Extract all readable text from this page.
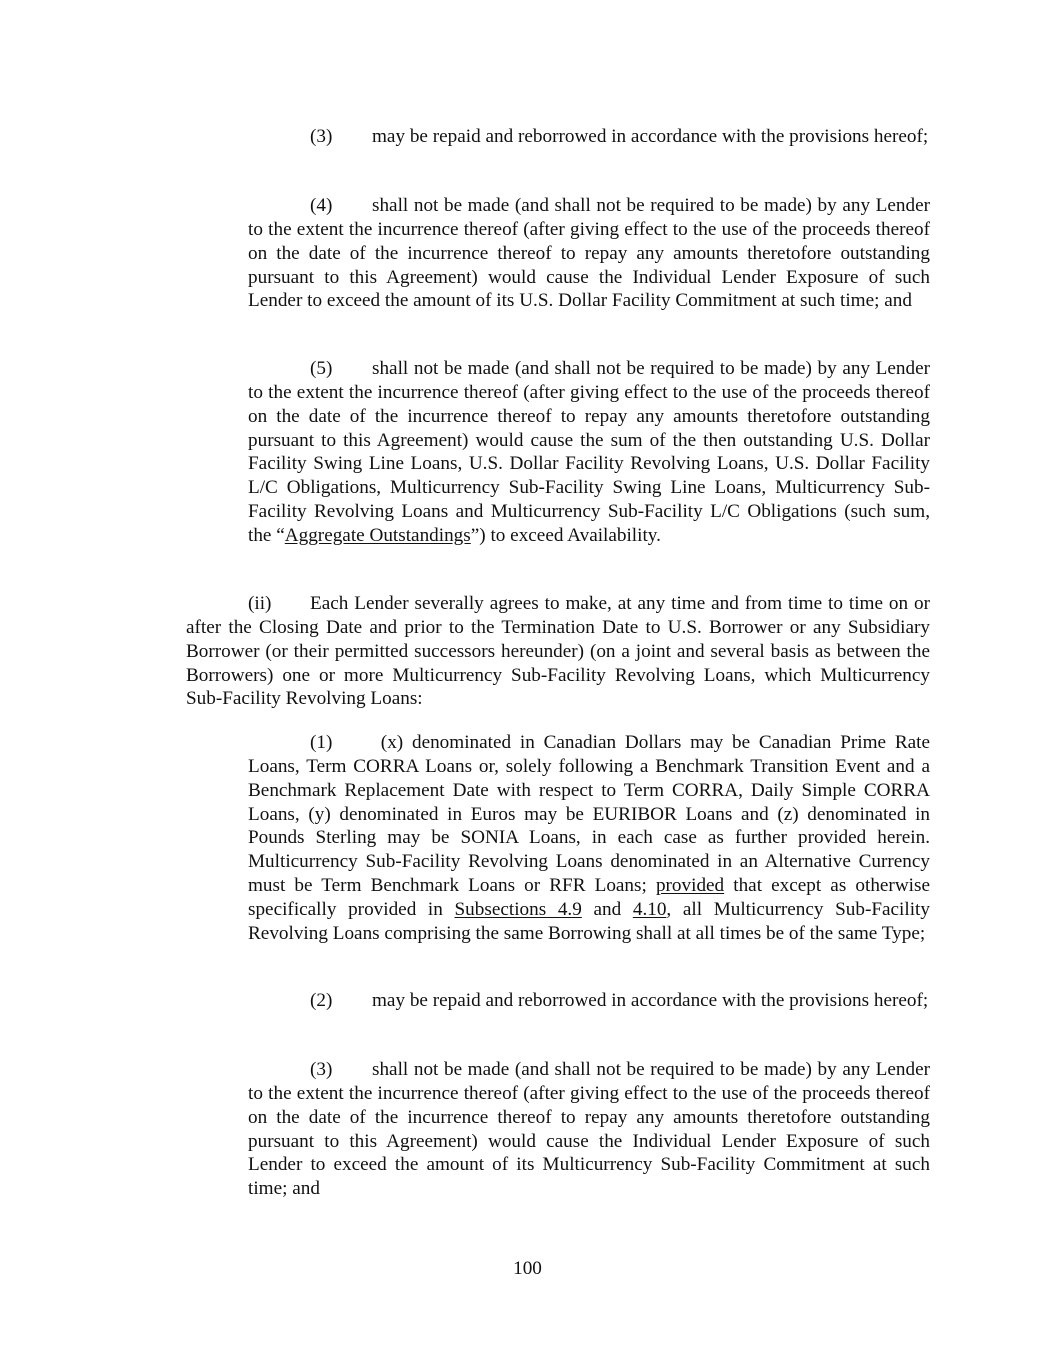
(3) may be repaid and reborrowed in accordance with the provisions hereof;

(4) shall not be made (and shall not be required to be made) by any Lender to the extent the incurrence thereof (after giving effect to the use of the proceeds thereof on the date of the incurrence thereof to repay any amounts theretofore outstanding pursuant to this Agreement) would cause the Individual Lender Exposure of such Lender to exceed the amount of its U.S. Dollar Facility Commitment at such time; and

(5) shall not be made (and shall not be required to be made) by any Lender to the extent the incurrence thereof (after giving effect to the use of the proceeds thereof on the date of the incurrence thereof to repay any amounts theretofore outstanding pursuant to this Agreement) would cause the sum of the then outstanding U.S. Dollar Facility Swing Line Loans, U.S. Dollar Facility Revolving Loans, U.S. Dollar Facility L/C Obligations, Multicurrency Sub-Facility Swing Line Loans, Multicurrency Sub-Facility Revolving Loans and Multicurrency Sub-Facility L/C Obligations (such sum, the “Aggregate Outstandings”) to exceed Availability.

(ii) Each Lender severally agrees to make, at any time and from time to time on or after the Closing Date and prior to the Termination Date to U.S. Borrower or any Subsidiary Borrower (or their permitted successors hereunder) (on a joint and several basis as between the Borrowers) one or more Multicurrency Sub-Facility Revolving Loans, which Multicurrency Sub-Facility Revolving Loans:

(1) (x) denominated in Canadian Dollars may be Canadian Prime Rate Loans, Term CORRA Loans or, solely following a Benchmark Transition Event and a Benchmark Replacement Date with respect to Term CORRA, Daily Simple CORRA Loans, (y) denominated in Euros may be EURIBOR Loans and (z) denominated in Pounds Sterling may be SONIA Loans, in each case as further provided herein. Multicurrency Sub-Facility Revolving Loans denominated in an Alternative Currency must be Term Benchmark Loans or RFR Loans; provided that except as otherwise specifically provided in Subsections 4.9 and 4.10, all Multicurrency Sub-Facility Revolving Loans comprising the same Borrowing shall at all times be of the same Type;

(2) may be repaid and reborrowed in accordance with the provisions hereof;

(3) shall not be made (and shall not be required to be made) by any Lender to the extent the incurrence thereof (after giving effect to the use of the proceeds thereof on the date of the incurrence thereof to repay any amounts theretofore outstanding pursuant to this Agreement) would cause the Individual Lender Exposure of such Lender to exceed the amount of its Multicurrency Sub-Facility Commitment at such time; and

100
